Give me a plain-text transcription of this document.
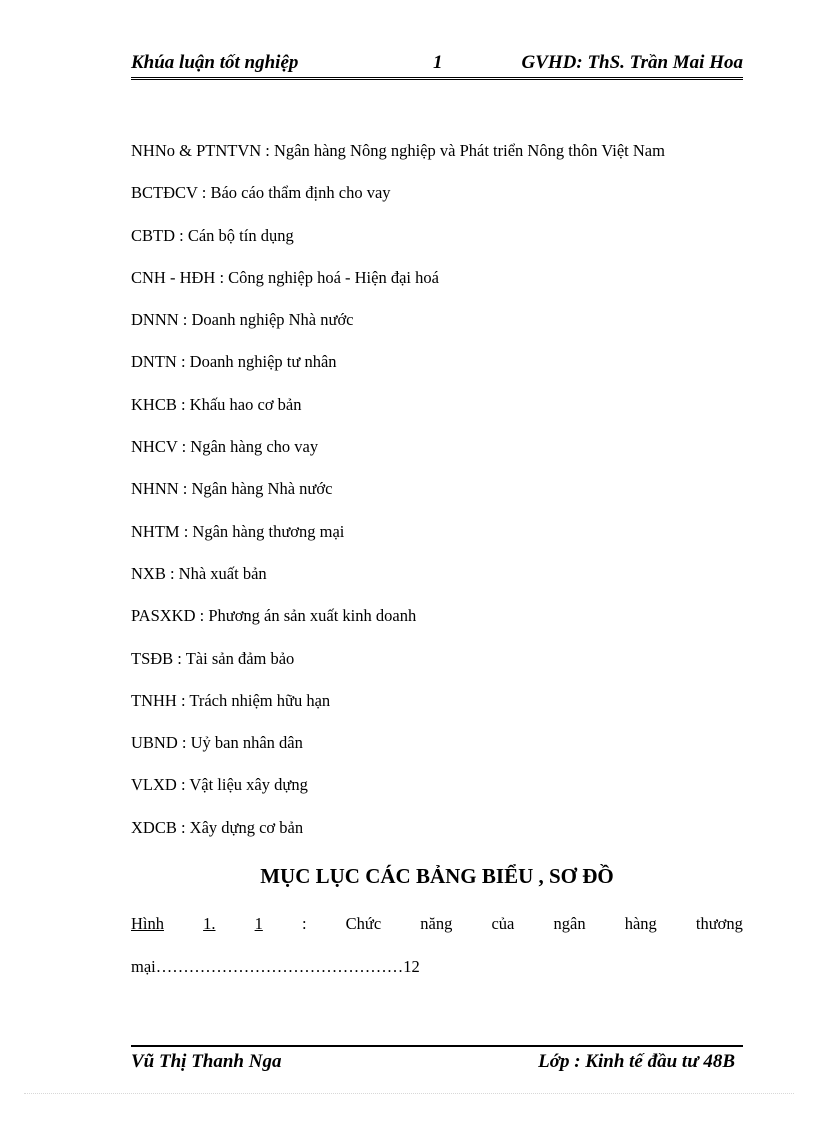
Khúa luận tốt nghiệp	1	GVHD: ThS. Trần Mai Hoa
NHNo & PTNTVN : Ngân hàng Nông nghiệp và Phát triển Nông thôn Việt Nam
BCTĐCV : Báo cáo thẩm định cho vay
CBTD : Cán bộ tín dụng
CNH - HĐH : Công nghiệp hoá - Hiện đại hoá
DNNN : Doanh nghiệp Nhà nước
DNTN : Doanh nghiệp tư nhân
KHCB : Khấu hao cơ bản
NHCV : Ngân hàng cho vay
NHNN : Ngân hàng Nhà nước
NHTM : Ngân hàng thương mại
NXB : Nhà xuất bản
PASXKD : Phương án sản xuất kinh doanh
TSĐB : Tài sản đảm bảo
TNHH : Trách nhiệm hữu hạn
UBND : Uỷ ban nhân dân
VLXD : Vật liệu xây dựng
XDCB : Xây dựng cơ bản
MỤC LỤC CÁC BẢNG BIỂU , SƠ ĐỒ
Hình 1. 1 : Chức năng của ngân hàng thương
mại………………………………………12
Vũ Thị Thanh Nga	Lớp : Kinh tế đầu tư 48B
